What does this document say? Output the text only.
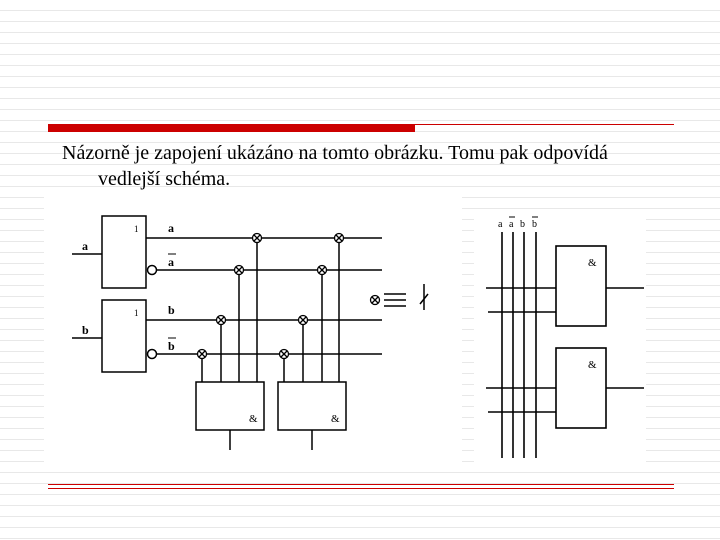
Názorně je zapojení ukázáno na tomto obrázku. Tomu pak odpovídá
vedlejší schéma.
a
b
1
1
a
a
b
b
&	&
a a b b
&
&
